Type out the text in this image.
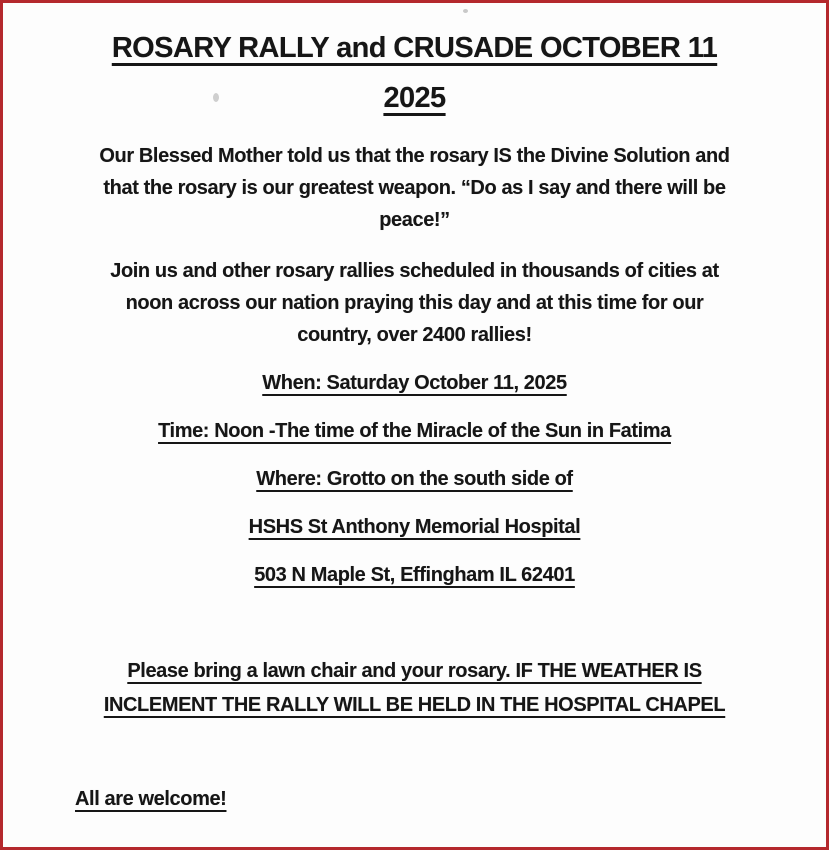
ROSARY RALLY and CRUSADE OCTOBER 11
2025

Our Blessed Mother told us that the rosary IS the Divine Solution and
that the rosary is our greatest weapon. “Do as I say and there will be
peace!”

Join us and other rosary rallies scheduled in thousands of cities at
noon across our nation praying this day and at this time for our
country, over 2400 rallies!

When: Saturday October 11, 2025

Time: Noon -The time of the Miracle of the Sun in Fatima

Where: Grotto on the south side of

HSHS St Anthony Memorial Hospital

503 N Maple St, Effingham IL 62401

Please bring a lawn chair and your rosary. IF THE WEATHER IS
INCLEMENT THE RALLY WILL BE HELD IN THE HOSPITAL CHAPEL

All are welcome!
